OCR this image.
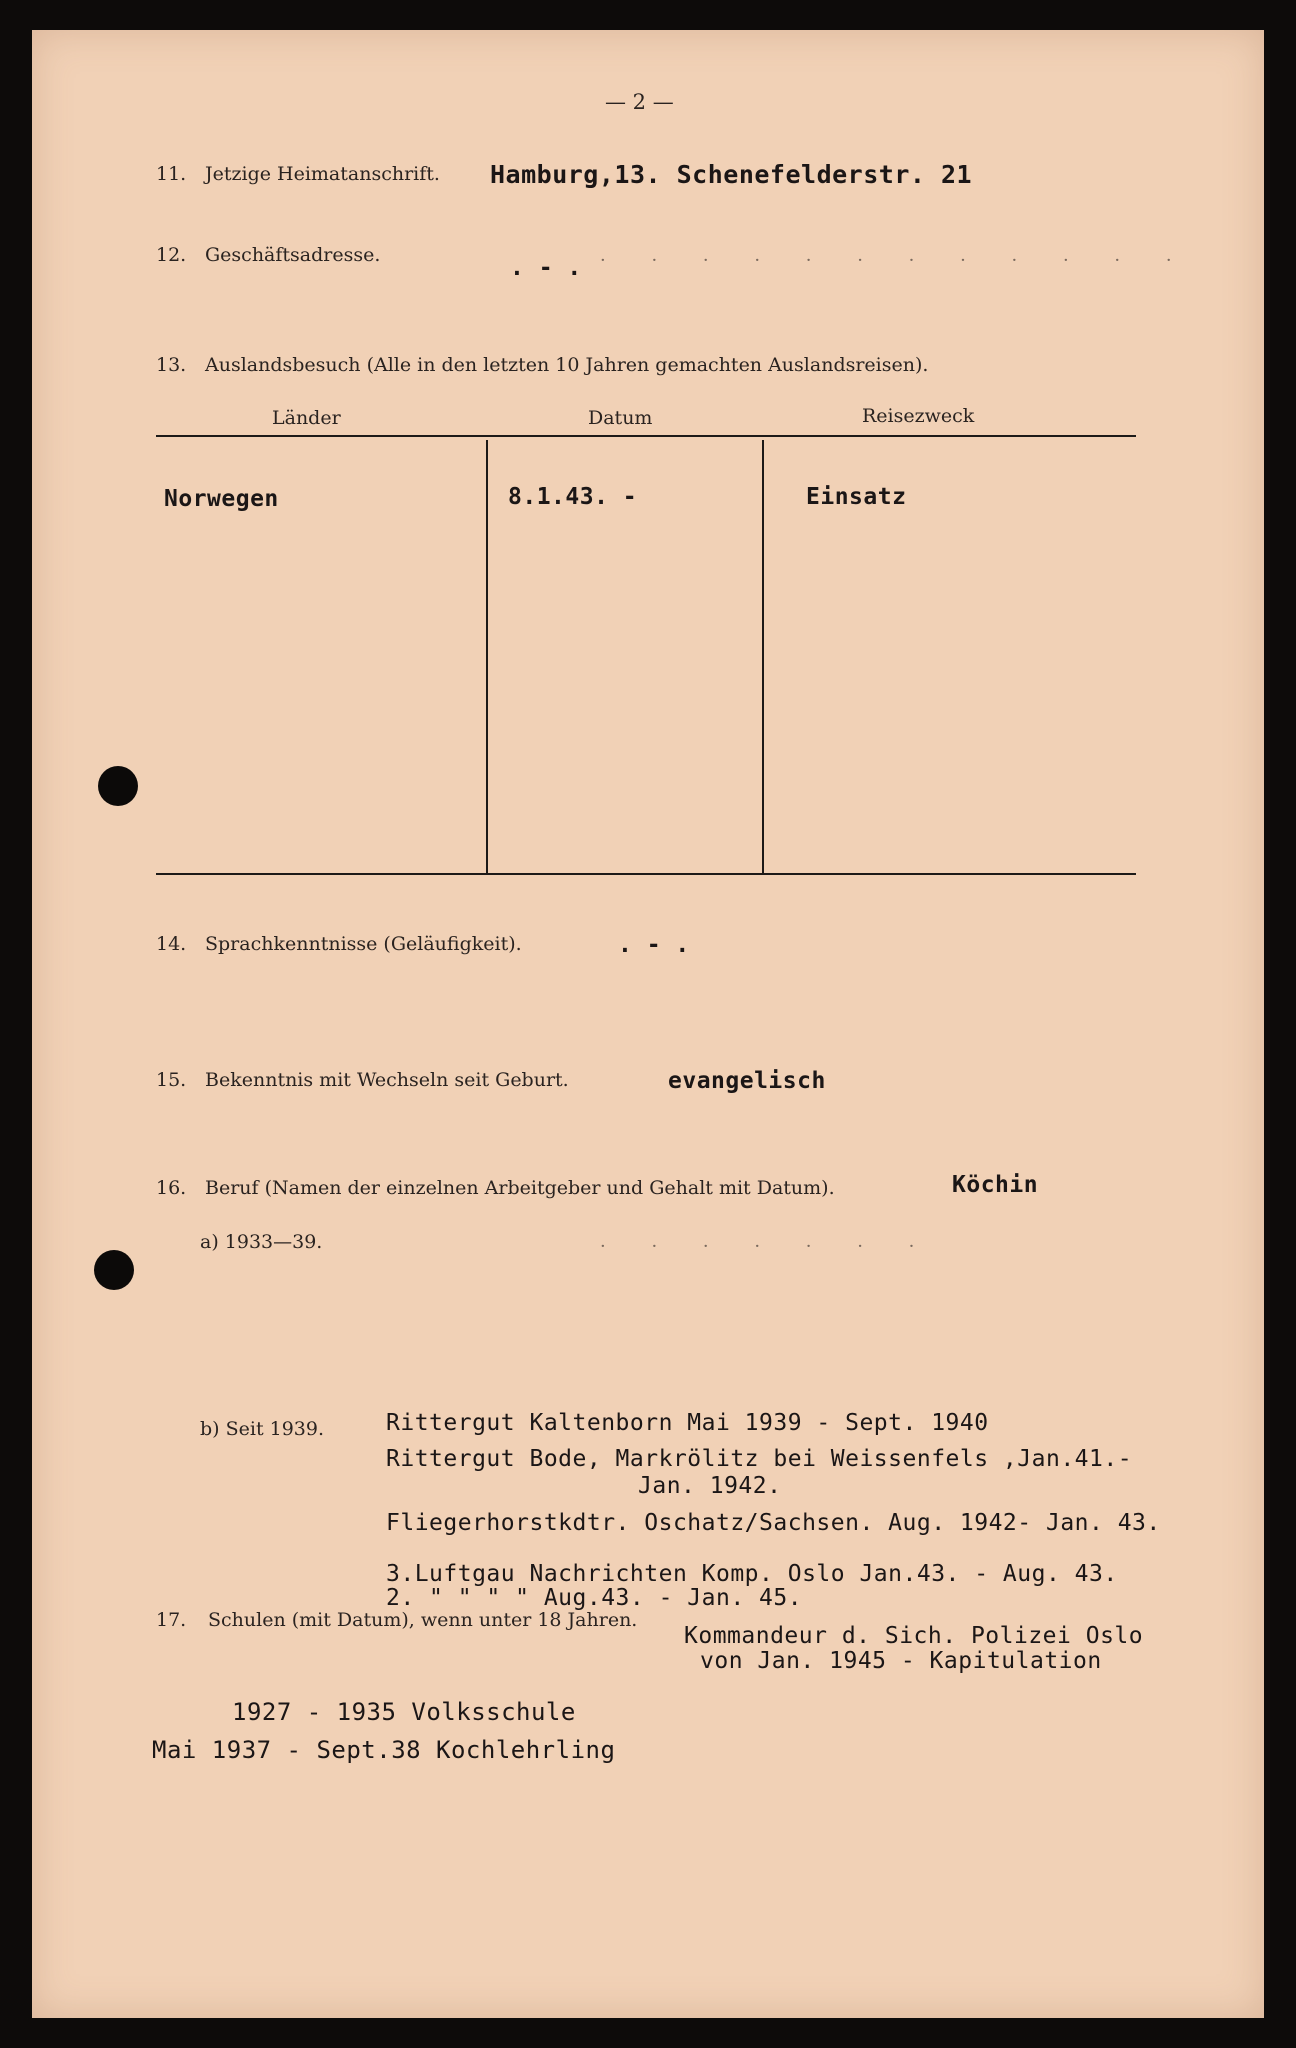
— 2 —
11. Jetzige Heimatanschrift. Hamburg,13. Schenefelderstr. 21
12. Geschäftsadresse.	. - . · · · · · · · · · · · ·
13. Auslandsbesuch (Alle in den letzten 10 Jahren gemachten Auslandsreisen).
Länder	Datum	Reisezweck
Norwegen	8.1.43. -	Einsatz
14. Sprachkenntnisse (Geläufigkeit).	. - .
15. Bekenntnis mit Wechseln seit Geburt.	evangelisch
16. Beruf (Namen der einzelnen Arbeitgeber und Gehalt mit Datum).	Köchin
a) 1933—39.	· · · · · · ·
b) Seit 1939.	Rittergut Kaltenborn Mai 1939 - Sept. 1940
Rittergut Bode, Markrölitz bei Weissenfels ,Jan.41.-
Jan. 1942.
Fliegerhorstkdtr. Oschatz/Sachsen. Aug. 1942- Jan. 43.
3.Luftgau Nachrichten Komp. Oslo Jan.43. - Aug. 43.
2. " " " " Aug.43. - Jan. 45.
Kommandeur d. Sich. Polizei Oslo
von Jan. 1945 - Kapitulation
17. Schulen (mit Datum), wenn unter 18 Jahren.
1927 - 1935 Volksschule
Mai 1937 - Sept.38 Kochlehrling
